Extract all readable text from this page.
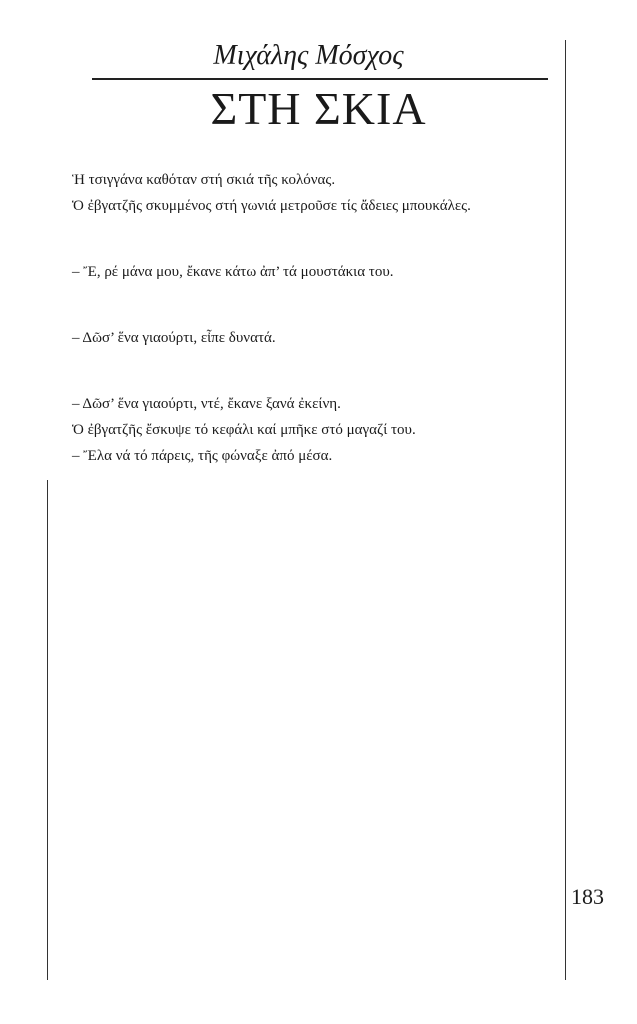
Μιχάλης Μόσχος
ΣΤΗ ΣΚΙΑ

Ἡ τσιγγάνα καθόταν στή σκιά τῆς κολόνας.

Ὁ ἐβγατζῆς σκυμμένος στή γωνιά μετροῦσε τίς ἄδειες μπουκάλες.

– Ἔ, ρέ μάνα μου, ἔκανε κάτω ἀπ’ τά μουστάκια του.

– Δῶσ’ ἕνα γιαούρτι, εἶπε δυνατά.

– Δῶσ’ ἕνα γιαούρτι, ντέ, ἔκανε ξανά ἐκείνη.

Ὁ ἐβγατζῆς ἔσκυψε τό κεφάλι καί μπῆκε στό μαγαζί του.

– Ἔλα νά τό πάρεις, τῆς φώναξε ἀπό μέσα.

183
